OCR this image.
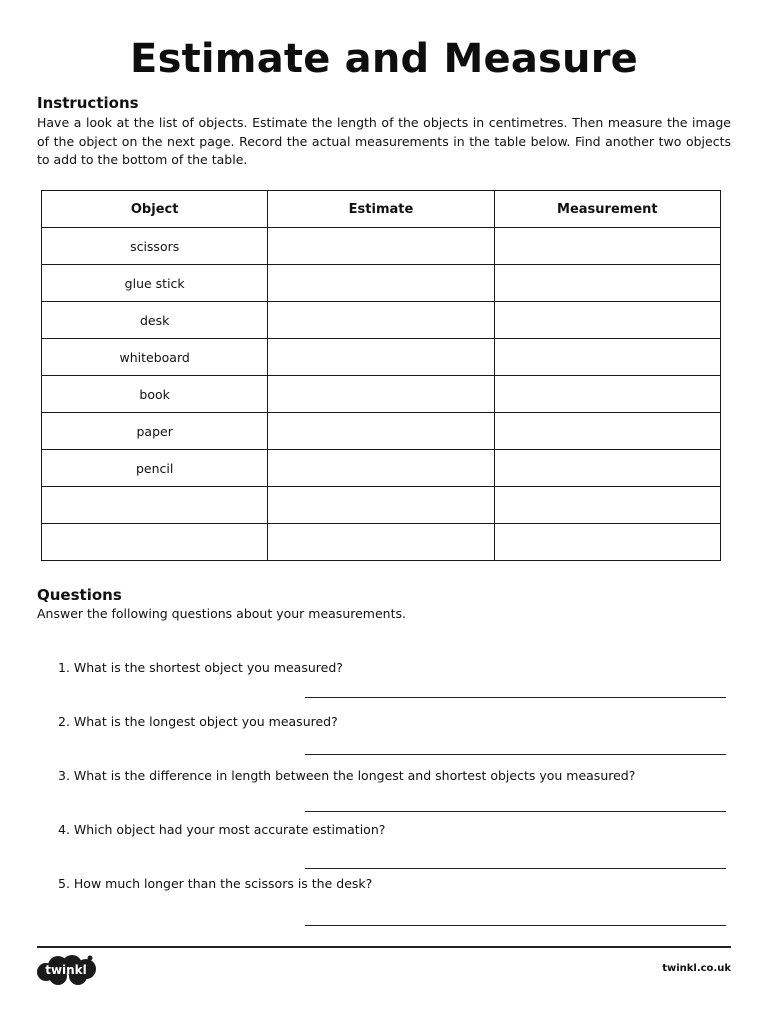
Estimate and Measure
Instructions

Have a look at the list of objects. Estimate the length of the objects in centimetres. Then measure the image of the object on the next page. Record the actual measurements in the table below. Find another two objects to add to the bottom of the table.

Object	Estimate	Measurement
scissors		
glue stick		
desk		
whiteboard		
book		
paper		
pencil		

Questions

Answer the following questions about your measurements.

1. What is the shortest object you measured?
2. What is the longest object you measured?
3. What is the difference in length between the longest and shortest objects you measured?
4. Which object had your most accurate estimation?
5. How much longer than the scissors is the desk?
twinkl	twinkl.co.uk
